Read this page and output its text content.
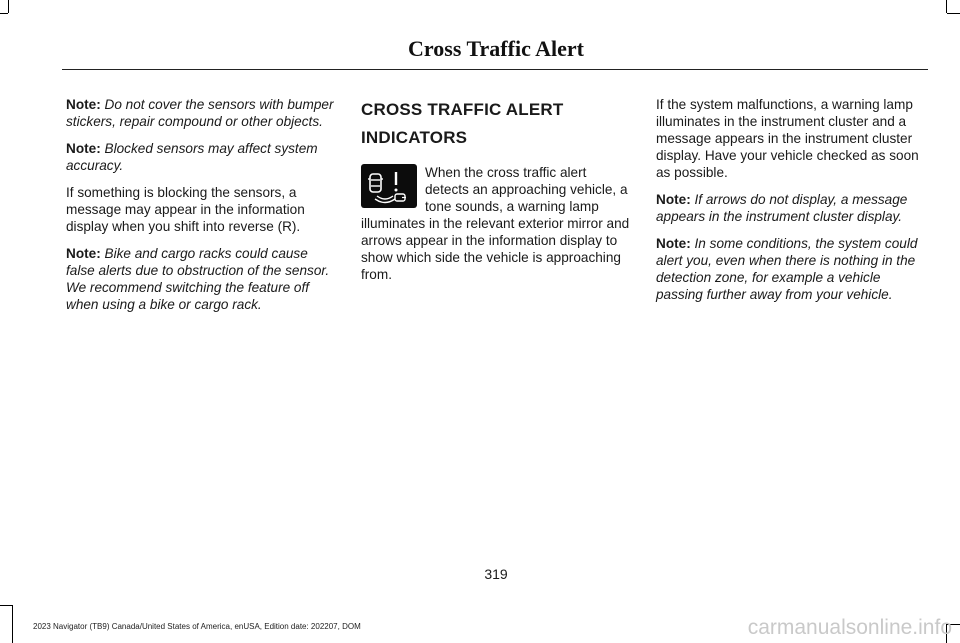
Cross Traffic Alert

Note: Do not cover the sensors with bumper stickers, repair compound or other objects.

Note: Blocked sensors may affect system accuracy.

If something is blocking the sensors, a message may appear in the information display when you shift into reverse (R).

Note: Bike and cargo racks could cause false alerts due to obstruction of the sensor. We recommend switching the feature off when using a bike or cargo rack.

CROSS TRAFFIC ALERT
INDICATORS

When the cross traffic alert detects an approaching vehicle, a tone sounds, a warning lamp illuminates in the relevant exterior mirror and arrows appear in the information display to show which side the vehicle is approaching from.

If the system malfunctions, a warning lamp illuminates in the instrument cluster and a message appears in the instrument cluster display. Have your vehicle checked as soon as possible.

Note: If arrows do not display, a message appears in the instrument cluster display.

Note: In some conditions, the system could alert you, even when there is nothing in the detection zone, for example a vehicle passing further away from your vehicle.

319
2023 Navigator (TB9) Canada/United States of America, enUSA, Edition date: 202207, DOM	carmanualsonline.info
